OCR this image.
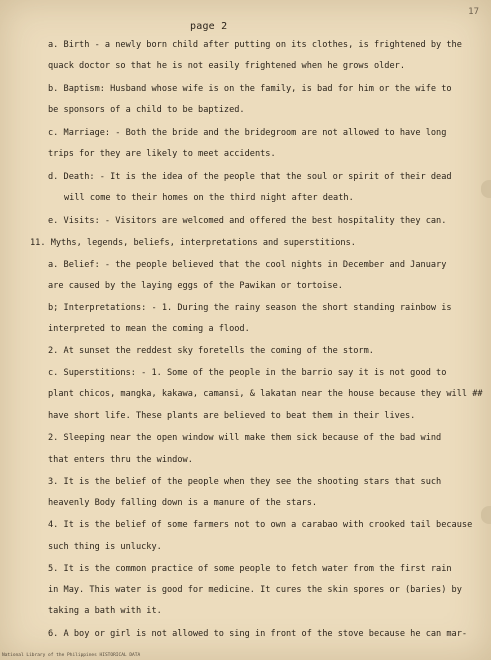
17
page 2
a. Birth - a newly born child after putting on its clothes, is frightened by the
quack doctor so that he is not easily frightened when he grows older.
b. Baptism: Husband whose wife is on the family, is bad for him or the wife to
be sponsors of a child to be baptized.
c. Marriage: - Both the bride and the bridegroom are not allowed to have long
trips for they are likely to meet accidents.
d. Death: - It is the idea of the people that the soul or spirit of their dead
will come to their homes on the third night after death.
e. Visits: - Visitors are welcomed and offered the best hospitality they can.
11. Myths, legends, beliefs, interpretations and superstitions.
a. Belief: - the people believed that the cool nights in December and January
are caused by the laying eggs of the Pawikan or tortoise.
b; Interpretations: - 1. During the rainy season the short standing rainbow is
interpreted to mean the coming a flood.
2. At sunset the reddest sky foretells the coming of the storm.
c. Superstitions: - 1. Some of the people in the barrio say it is not good to
plant chicos, mangka, kakawa, camansi, & lakatan near the house because they will ##
have short life. These plants are believed to beat them in their lives.
2. Sleeping near the open window will make them sick because of the bad wind
that enters thru the window.
3. It is the belief of the people when they see the shooting stars that such
heavenly Body falling down is a manure of the stars.
4. It is the belief of some farmers not to own a carabao with crooked tail because
such thing is unlucky.
5. It is the common practice of some people to fetch water from the first rain
in May. This water is good for medicine. It cures the skin spores or (baries) by
taking a bath with it.
6. A boy or girl is not allowed to sing in front of the stove because he can mar-
National Library of the Philippines HISTORICAL DATA
